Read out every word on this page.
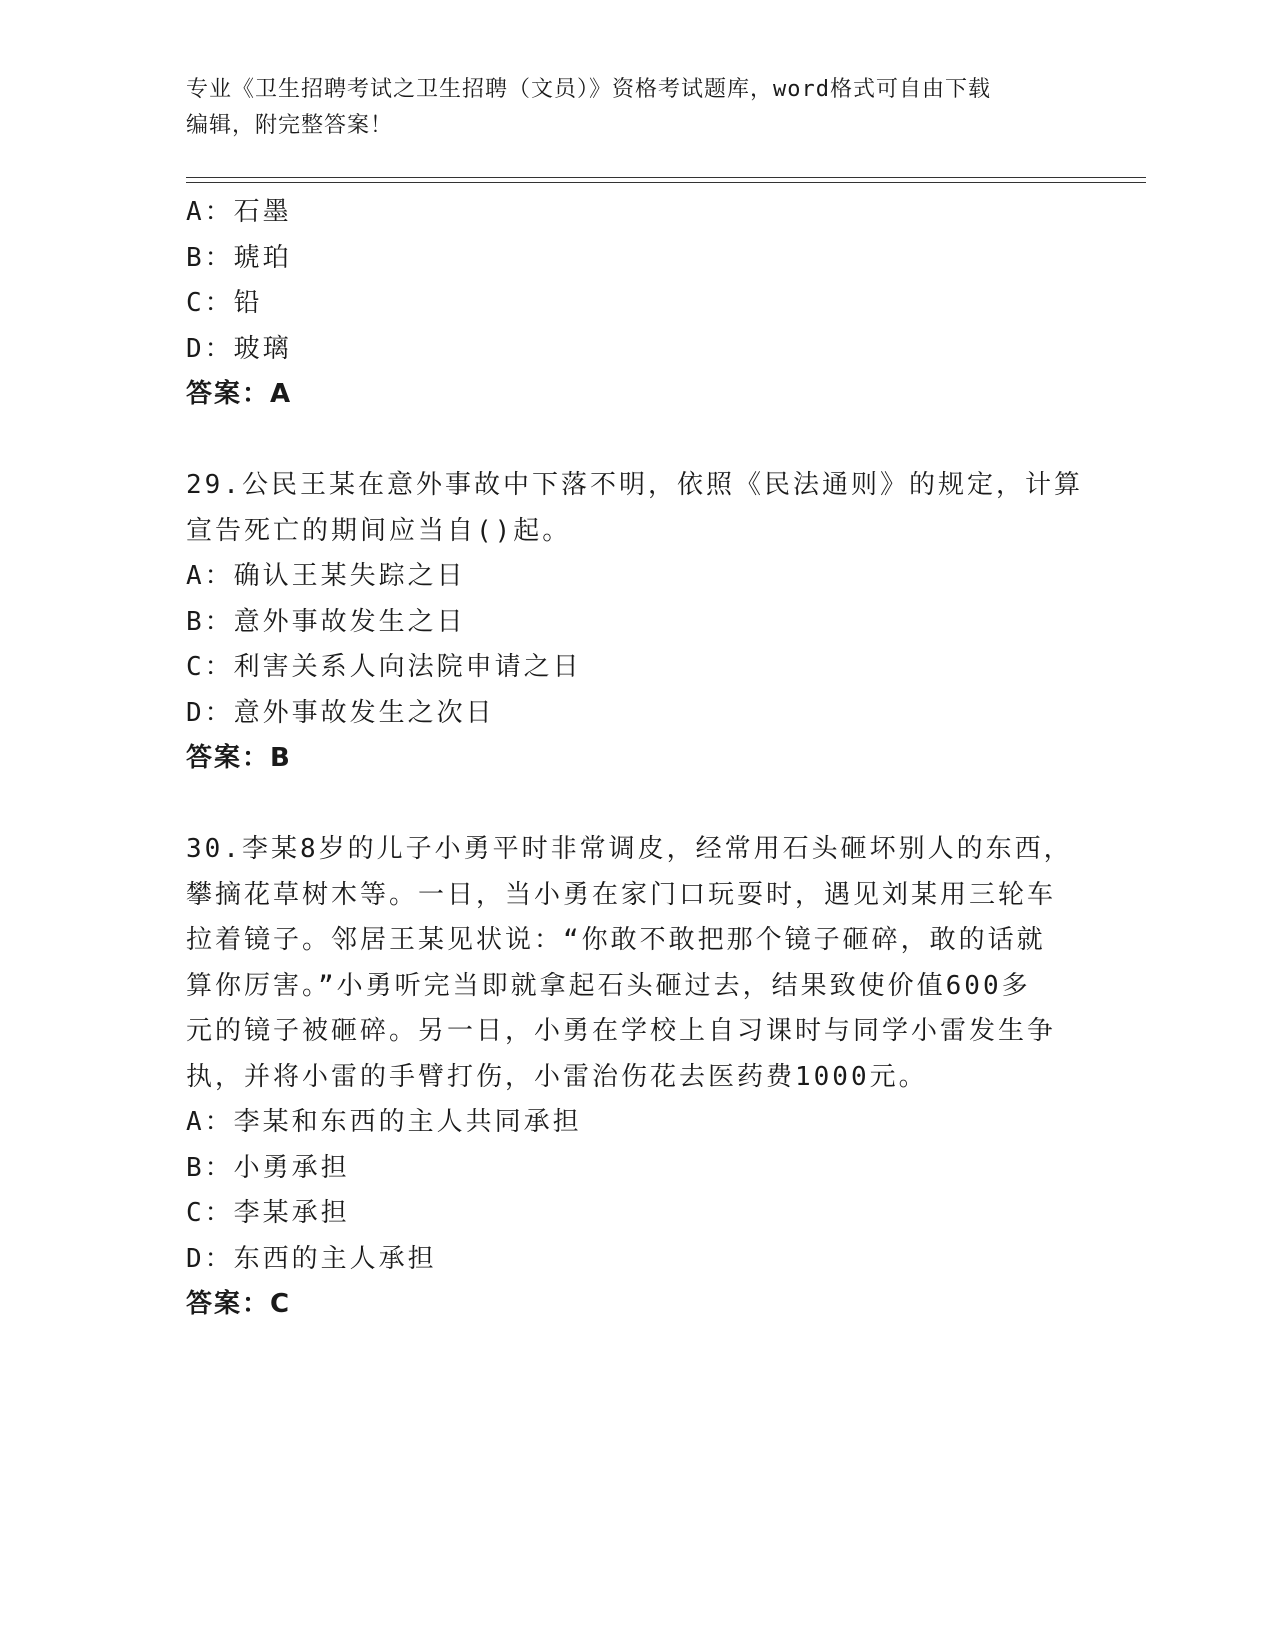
专业《卫生招聘考试之卫生招聘（文员）》资格考试题库，word格式可自由下载
编辑，附完整答案！
A：石墨
B：琥珀
C：铅
D：玻璃
答案：A
29.公民王某在意外事故中下落不明，依照《民法通则》的规定，计算
宣告死亡的期间应当自()起。
A：确认王某失踪之日
B：意外事故发生之日
C：利害关系人向法院申请之日
D：意外事故发生之次日
答案：B
30.李某8岁的儿子小勇平时非常调皮，经常用石头砸坏别人的东西，
攀摘花草树木等。一日，当小勇在家门口玩耍时，遇见刘某用三轮车
拉着镜子。邻居王某见状说：“你敢不敢把那个镜子砸碎，敢的话就
算你厉害。”小勇听完当即就拿起石头砸过去，结果致使价值600多
元的镜子被砸碎。另一日，小勇在学校上自习课时与同学小雷发生争
执，并将小雷的手臂打伤，小雷治伤花去医药费1000元。
A：李某和东西的主人共同承担
B：小勇承担
C：李某承担
D：东西的主人承担
答案：C
